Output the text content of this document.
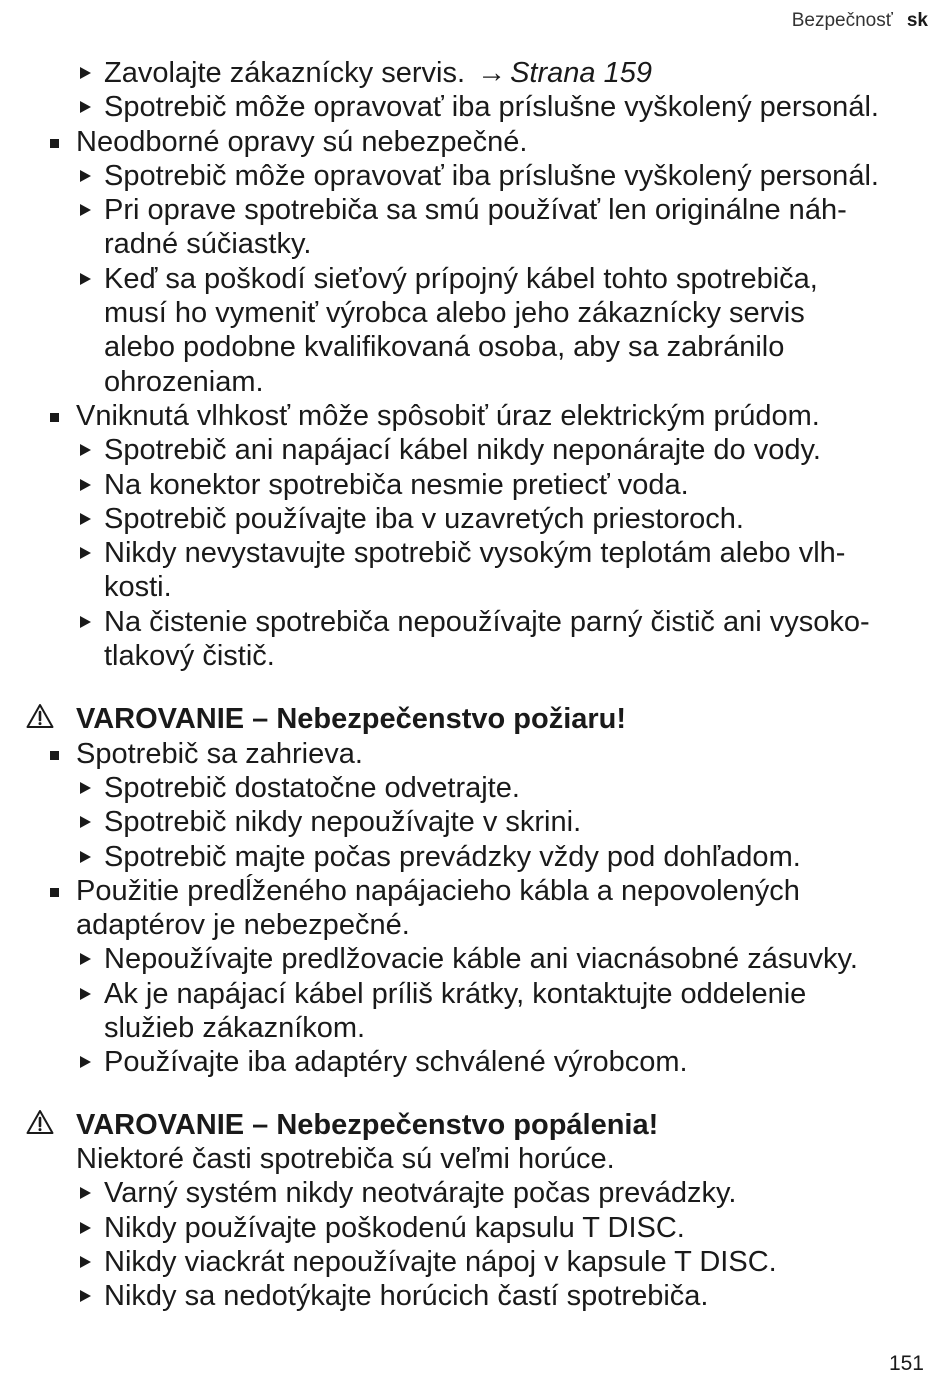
Bezpečnosť sk
Zavolajte zákaznícky servis. → Strana 159
Spotrebič môže opravovať iba príslušne vyškolený personál.
Neodborné opravy sú nebezpečné.
Spotrebič môže opravovať iba príslušne vyškolený personál.
Pri oprave spotrebiča sa smú používať len originálne náh-
radné súčiastky.
Keď sa poškodí sieťový prípojný kábel tohto spotrebiča,
musí ho vymeniť výrobca alebo jeho zákaznícky servis
alebo podobne kvalifikovaná osoba, aby sa zabránilo
ohrozeniam.
Vniknutá vlhkosť môže spôsobiť úraz elektrickým prúdom.
Spotrebič ani napájací kábel nikdy neponárajte do vody.
Na konektor spotrebiča nesmie pretiecť voda.
Spotrebič používajte iba v uzavretých priestoroch.
Nikdy nevystavujte spotrebič vysokým teplotám alebo vlh-
kosti.
Na čistenie spotrebiča nepoužívajte parný čistič ani vysoko-
tlakový čistič.
VAROVANIE – Nebezpečenstvo požiaru!
Spotrebič sa zahrieva.
Spotrebič dostatočne odvetrajte.
Spotrebič nikdy nepoužívajte v skrini.
Spotrebič majte počas prevádzky vždy pod dohľadom.
Použitie predĺženého napájacieho kábla a nepovolených
adaptérov je nebezpečné.
Nepoužívajte predlžovacie káble ani viacnásobné zásuvky.
Ak je napájací kábel príliš krátky, kontaktujte oddelenie
služieb zákazníkom.
Používajte iba adaptéry schválené výrobcom.
VAROVANIE – Nebezpečenstvo popálenia!
Niektoré časti spotrebiča sú veľmi horúce.
Varný systém nikdy neotvárajte počas prevádzky.
Nikdy používajte poškodenú kapsulu T DISC.
Nikdy viackrát nepoužívajte nápoj v kapsule T DISC.
Nikdy sa nedotýkajte horúcich častí spotrebiča.
151
